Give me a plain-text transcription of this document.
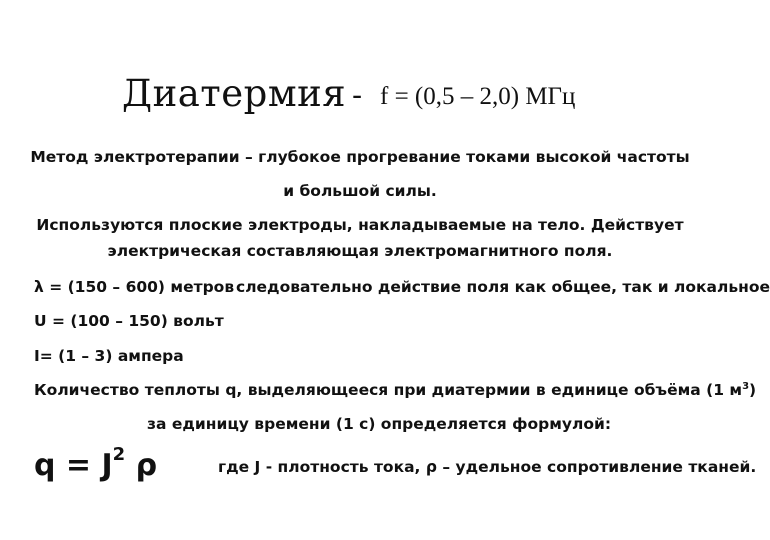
Диатермия - f = (0,5 – 2,0) МГц
Метод электротерапии – глубокое прогревание токами высокой частоты
и большой силы.
Используются плоские электроды, накладываемые на тело. Действует
электрическая составляющая электромагнитного поля.
λ = (150 – 600) метров следовательно действие поля как общее, так и локальное
U = (100 – 150) вольт
I= (1 – 3) ампера
Количество теплоты q, выделяющееся при диатермии в единице объёма (1 $м^3$)
за единицу времени (1 с) определяется формулой:
$q = J^2$ ρ	где J - плотность тока, ρ – удельное сопротивление тканей.
